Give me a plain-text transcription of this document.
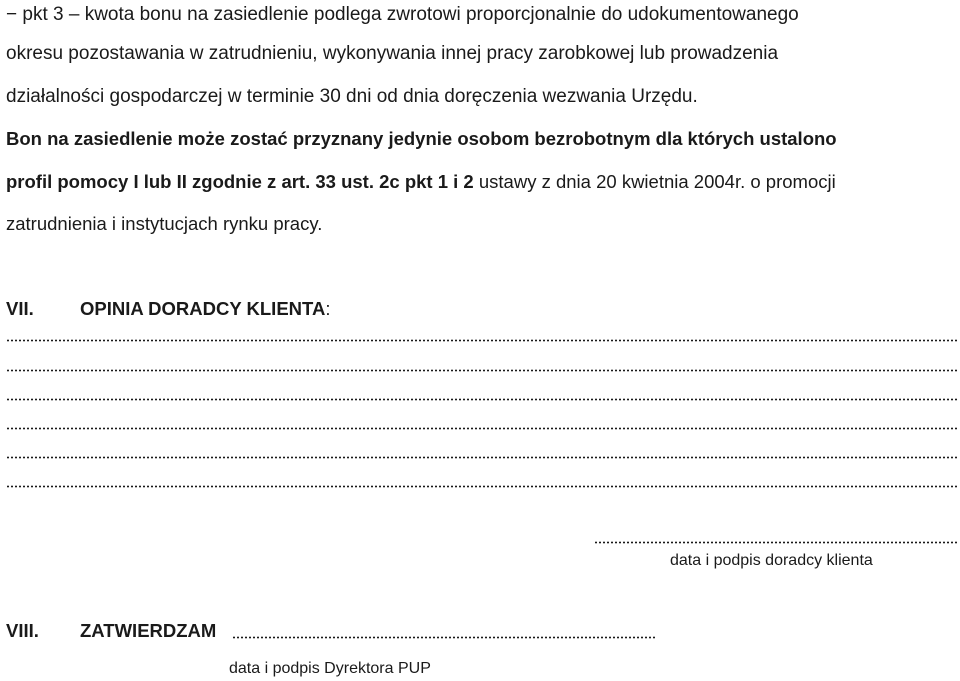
− pkt 3 – kwota bonu na zasiedlenie podlega zwrotowi proporcjonalnie do udokumentowanego
okresu pozostawania w zatrudnieniu, wykonywania innej pracy zarobkowej lub prowadzenia
działalności gospodarczej w terminie 30 dni od dnia doręczenia wezwania Urzędu.
Bon na zasiedlenie może zostać przyznany jedynie osobom bezrobotnym dla których ustalono
profil pomocy I lub II zgodnie z art. 33 ust. 2c pkt 1 i 2 ustawy z dnia 20 kwietnia 2004r. o promocji
zatrudnienia i instytucjach rynku pracy.
VII. OPINIA DORADCY KLIENTA:
data i podpis doradcy klienta
VIII. ZATWIERDZAM
data i podpis Dyrektora PUP
